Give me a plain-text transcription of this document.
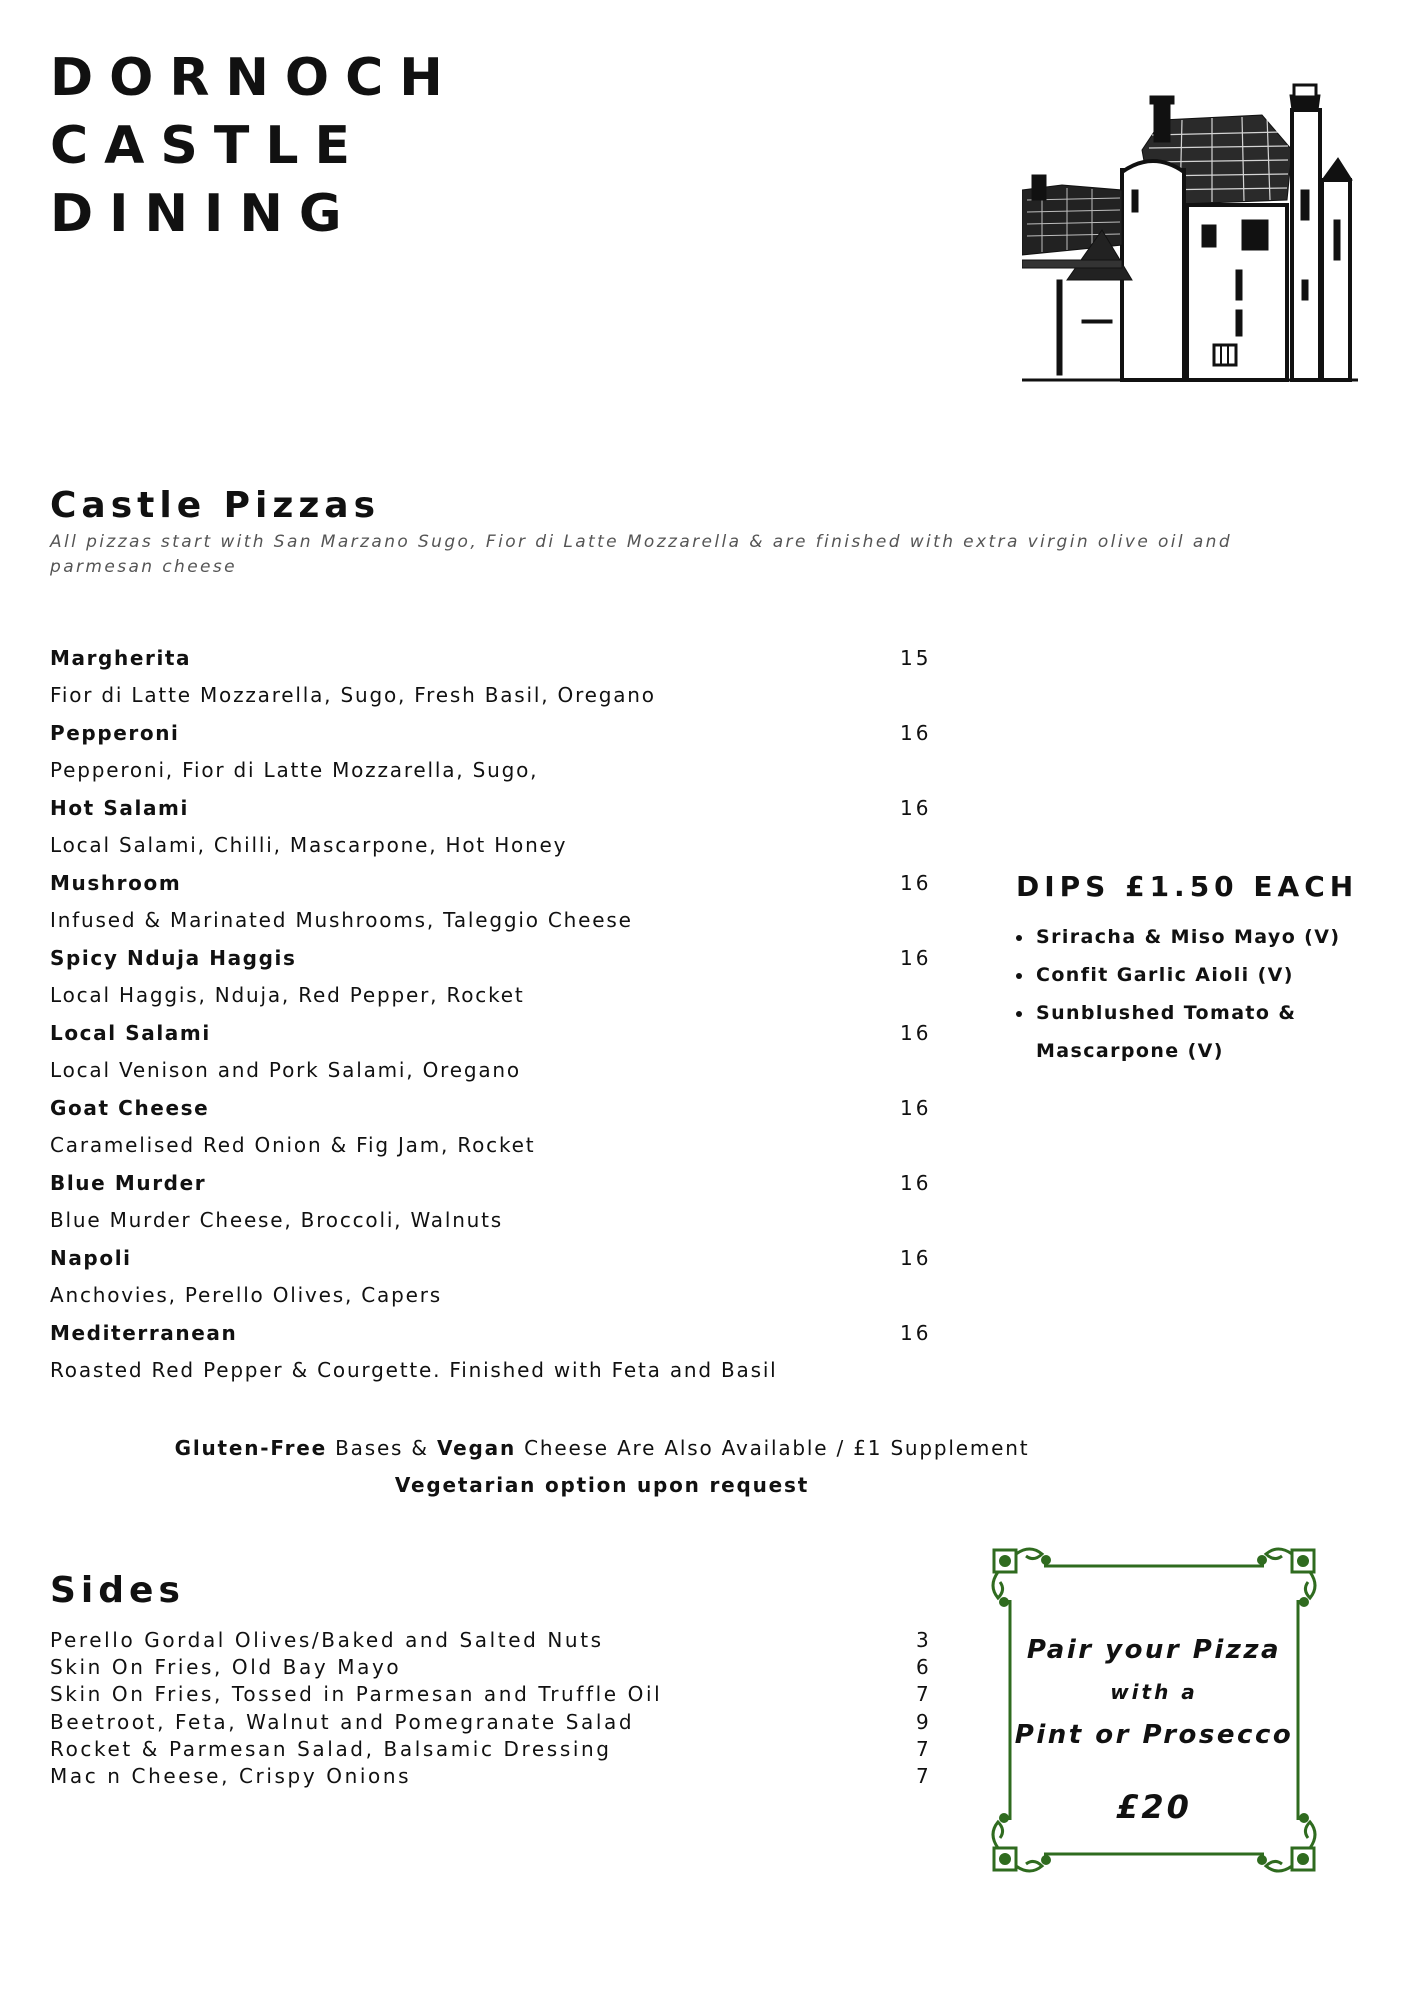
DORNOCH
CASTLE
DINING
Castle Pizzas
All pizzas start with San Marzano Sugo, Fior di Latte Mozzarella & are finished with extra virgin olive oil and parmesan cheese
Margherita	15
Fior di Latte Mozzarella, Sugo, Fresh Basil, Oregano
Pepperoni	16
Pepperoni, Fior di Latte Mozzarella, Sugo,
Hot Salami	16
Local Salami, Chilli, Mascarpone, Hot Honey
Mushroom	16
Infused & Marinated Mushrooms, Taleggio Cheese
Spicy Nduja Haggis	16
Local Haggis, Nduja, Red Pepper, Rocket
Local Salami	16
Local Venison and Pork Salami, Oregano
Goat Cheese	16
Caramelised Red Onion & Fig Jam, Rocket
Blue Murder	16
Blue Murder Cheese, Broccoli, Walnuts
Napoli	16
Anchovies, Perello Olives, Capers
Mediterranean	16
Roasted Red Pepper & Courgette. Finished with Feta and Basil
DIPS £1.50 EACH
• Sriracha & Miso Mayo (V)
• Confit Garlic Aioli (V)
• Sunblushed Tomato & Mascarpone (V)
Gluten-Free Bases & Vegan Cheese Are Also Available / £1 Supplement
Vegetarian option upon request
Sides
Perello Gordal Olives/Baked and Salted Nuts	3
Skin On Fries, Old Bay Mayo	6
Skin On Fries, Tossed in Parmesan and Truffle Oil	7
Beetroot, Feta, Walnut and Pomegranate Salad	9
Rocket & Parmesan Salad, Balsamic Dressing	7
Mac n Cheese, Crispy Onions	7
Pair your Pizza
with a
Pint or Prosecco
£20
